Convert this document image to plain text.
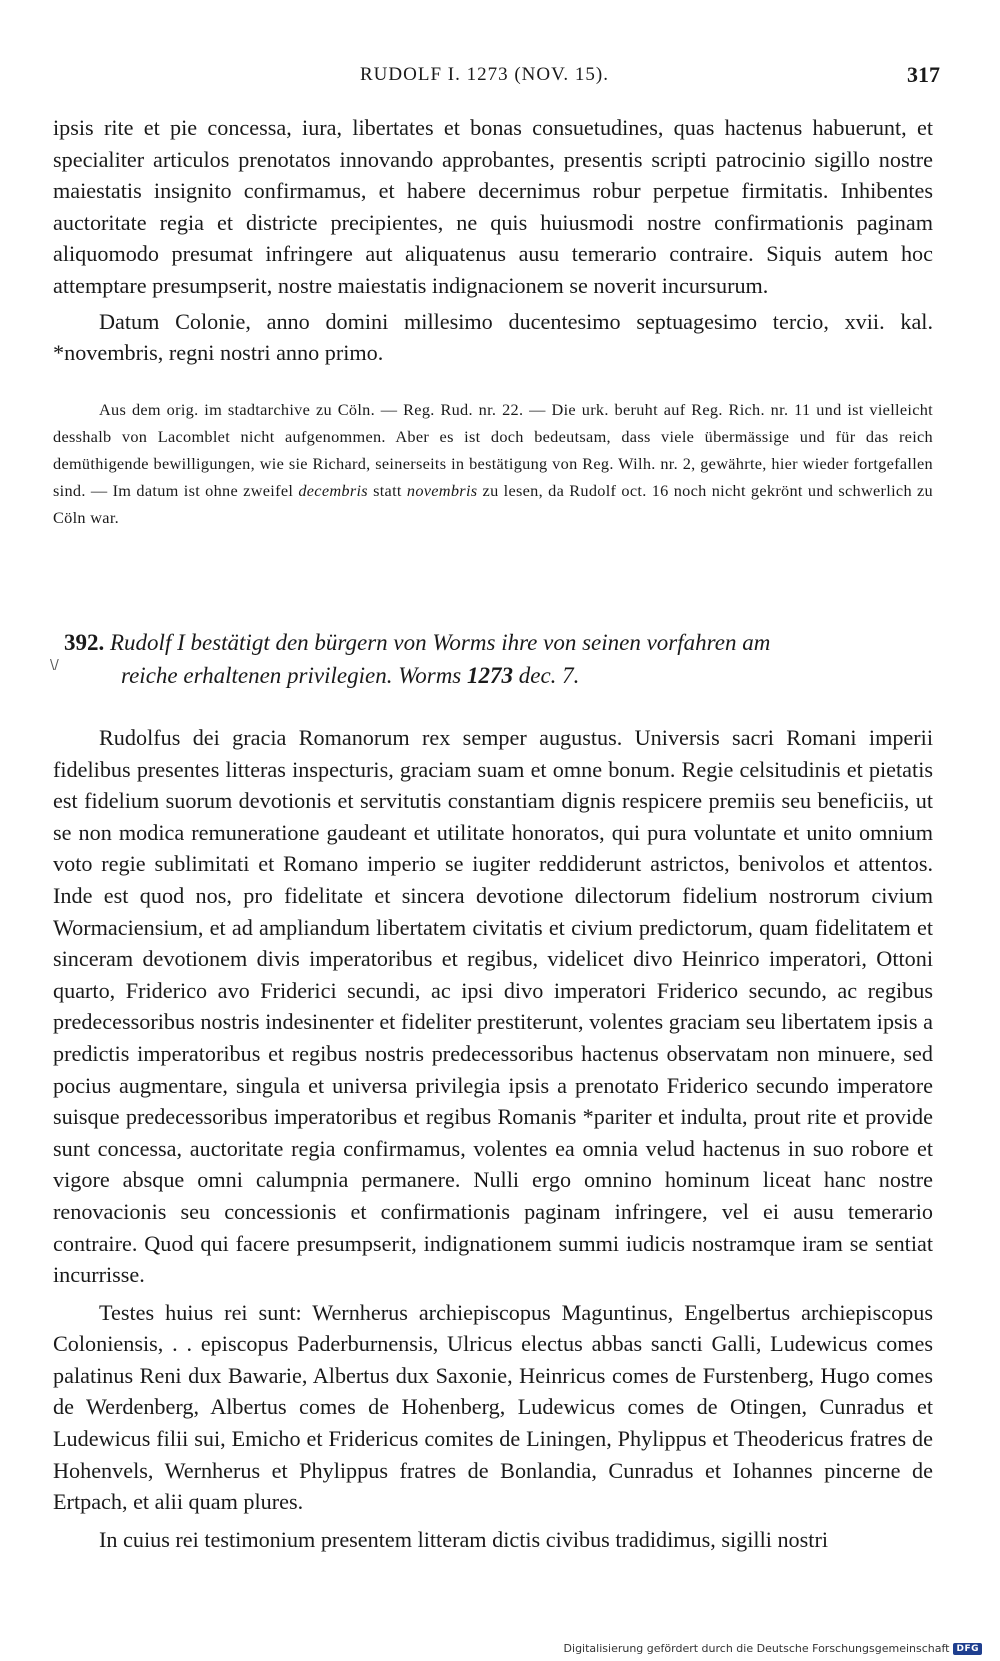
RUDOLF I. 1273 (NOV. 15).	317

ipsis rite et pie concessa, iura, libertates et bonas consuetudines, quas hactenus habuerunt, et specialiter articulos prenotatos innovando approbantes, presentis scripti patrocinio sigillo nostre maiestatis insignito confirmamus, et habere decernimus robur perpetue firmitatis. Inhibentes auctoritate regia et districte precipientes, ne quis huiusmodi nostre confirmationis paginam aliquomodo presumat infringere aut aliquatenus ausu temerario contraire. Siquis autem hoc attemptare presumpserit, nostre maiestatis indignacionem se noverit incursurum.

Datum Colonie, anno domini millesimo ducentesimo septuagesimo tercio, xvii. kal. *novembris, regni nostri anno primo.

Aus dem orig. im stadtarchive zu Cöln. — Reg. Rud. nr. 22. — Die urk. beruht auf Reg. Rich. nr. 11 und ist vielleicht desshalb von Lacomblet nicht aufgenommen. Aber es ist doch bedeutsam, dass viele übermässige und für das reich demüthigende bewilligungen, wie sie Richard, seinerseits in bestätigung von Reg. Wilh. nr. 2, gewährte, hier wieder fortgefallen sind. — Im datum ist ohne zweifel decembris statt novembris zu lesen, da Rudolf oct. 16 noch nicht gekrönt und schwerlich zu Cöln war.

\/
392. Rudolf I bestätigt den bürgern von Worms ihre von seinen vorfahren am
reiche erhaltenen privilegien. Worms 1273 dec. 7.

Rudolfus dei gracia Romanorum rex semper augustus. Universis sacri Romani imperii fidelibus presentes litteras inspecturis, graciam suam et omne bonum. Regie celsitudinis et pietatis est fidelium suorum devotionis et servitutis constantiam dignis respicere premiis seu beneficiis, ut se non modica remuneratione gaudeant et utilitate honoratos, qui pura voluntate et unito omnium voto regie sublimitati et Romano imperio se iugiter reddiderunt astrictos, benivolos et attentos. Inde est quod nos, pro fidelitate et sincera devotione dilectorum fidelium nostrorum civium Wormaciensium, et ad ampliandum libertatem civitatis et civium predictorum, quam fidelitatem et sinceram devotionem divis imperatoribus et regibus, videlicet divo Heinrico imperatori, Ottoni quarto, Friderico avo Friderici secundi, ac ipsi divo imperatori Friderico secundo, ac regibus predecessoribus nostris indesinenter et fideliter prestiterunt, volentes graciam seu libertatem ipsis a predictis imperatoribus et regibus nostris predecessoribus hactenus observatam non minuere, sed pocius augmentare, singula et universa privilegia ipsis a prenotato Friderico secundo imperatore suisque predecessoribus imperatoribus et regibus Romanis *pariter et indulta, prout rite et provide sunt concessa, auctoritate regia confirmamus, volentes ea omnia velud hactenus in suo robore et vigore absque omni calumpnia permanere. Nulli ergo omnino hominum liceat hanc nostre renovacionis seu concessionis et confirmationis paginam infringere, vel ei ausu temerario contraire. Quod qui facere presumpserit, indignationem summi iudicis nostramque iram se sentiat incurrisse.

Testes huius rei sunt: Wernherus archiepiscopus Maguntinus, Engelbertus archiepiscopus Coloniensis, . . episcopus Paderburnensis, Ulricus electus abbas sancti Galli, Ludewicus comes palatinus Reni dux Bawarie, Albertus dux Saxonie, Heinricus comes de Furstenberg, Hugo comes de Werdenberg, Albertus comes de Hohenberg, Ludewicus comes de Otingen, Cunradus et Ludewicus filii sui, Emicho et Fridericus comites de Liningen, Phylippus et Theodericus fratres de Hohenvels, Wernherus et Phylippus fratres de Bonlandia, Cunradus et Iohannes pincerne de Ertpach, et alii quam plures.

In cuius rei testimonium presentem litteram dictis civibus tradidimus, sigilli nostri

Digitalisierung gefördert durch die Deutsche Forschungsgemeinschaft DFG
